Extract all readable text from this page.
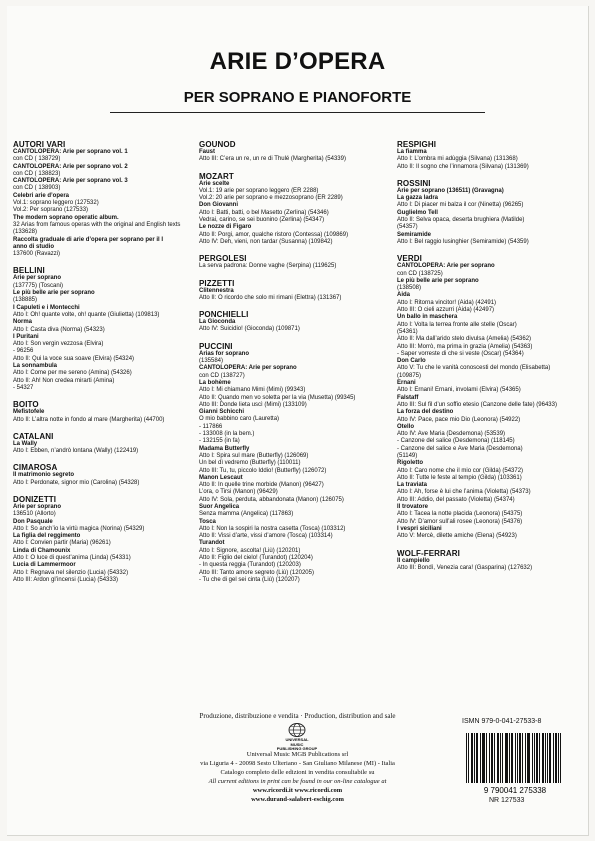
ARIE D’OPERA
PER SOPRANO E PIANOFORTE
AUTORI VARI
CANTOLOPERA: Arie per soprano vol. 1
con CD ( 138729)
CANTOLOPERA: Arie per soprano vol. 2
con CD ( 138823)
CANTOLOPERA: Arie per soprano vol. 3
con CD ( 138903)
Celebri arie d’opera
Vol.1: soprano leggero (127532)
Vol.2: Per soprano (127533)
The modern soprano operatic album.
32 Arias from famous operas with the original and English texts
(133628)
Raccolta graduale di arie d’opera per soprano per il I
anno di studio
137600 (Ravazzi)
BELLINI
Arie per soprano
(137775) (Toscani)
Le più belle arie per soprano
(138885)
I Capuleti e i Montecchi
Atto I: Oh! quante volte, oh! quante (Giulietta) (109813)
Norma
Atto I: Casta diva (Norma) (54323)
I Puritani
Atto I: Son vergin vezzosa (Elvira)
- 96256
Atto II: Qui la voce sua soave (Elvira) (54324)
La sonnambula
Atto I: Come per me sereno (Amina) (54326)
Atto II: Ah! Non credea mirarti (Amina)
- 54327
BOITO
Mefistofele
Atto II: L’altra notte in fondo al mare (Margherita) (44700)
CATALANI
La Wally
Atto I: Ebben, n’andrò lontana (Wally) (122419)
CIMAROSA
Il matrimonio segreto
Atto I: Perdonate, signor mio (Carolina) (54328)
DONIZETTI
Arie per soprano
136510 (Allorto)
Don Pasquale
Atto I: So anch’io la virtù magica (Norina) (54329)
La figlia del reggimento
Atto I: Convien partir (Maria) (96261)
Linda di Chamounix
Atto I: O luce di quest’anima (Linda) (54331)
Lucia di Lammermoor
Atto I: Regnava nel silenzio (Lucia) (54332)
Atto III: Ardon gl’incensi (Lucia) (54333)
GOUNOD
Faust
Atto III: C’era un re, un re di Thulé (Margherita) (54339)
MOZART
Arie scelte
Vol.1: 19 arie per soprano leggero (ER 2288)
Vol.2: 20 arie per soprano e mezzosoprano (ER 2289)
Don Giovanni
Atto I: Batti, batti, o bel Masetto (Zerlina) (54346)
Vedrai, carino, se sei buonino (Zerlina) (54347)
Le nozze di Figaro
Atto II: Porgi, amor, qualche ristoro (Contessa) (109869)
Atto IV: Deh, vieni, non tardar (Susanna) (109842)
PERGOLESI
La serva padrona: Donne vaghe (Serpina) (119625)
PIZZETTI
Clitennestra
Atto II: O ricordo che solo mi rimani (Elettra) (131367)
PONCHIELLI
La Gioconda
Atto IV: Suicidio! (Gioconda) (109871)
PUCCINI
Arias for soprano
(135584)
CANTOLOPERA: Arie per soprano
con CD (138727)
La bohème
Atto I: Mi chiamano Mimi (Mimi) (99343)
Atto II: Quando men vo soletta per la via (Musetta) (99345)
Atto III: Donde lieta uscì (Mimi) (133109)
Gianni Schicchi
O mio babbino caro (Lauretta)
- 117866
- 133008 (in la bem.)
- 132155 (in fa)
Madama Butterfly
Atto I: Spira sul mare (Butterfly) (126069)
Un bel dì vedremo (Butterfly) (110011)
Atto III: Tu, tu, piccolo Iddio! (Butterfly) (126072)
Manon Lescaut
Atto II: In quelle trine morbide (Manon) (96427)
L’ora, o Tirsi (Manon) (96429)
Atto IV: Sola, perduta, abbandonata (Manon) (126075)
Suor Angelica
Senza mamma (Angelica) (117863)
Tosca
Atto I: Non la sospiri la nostra casetta (Tosca) (103312)
Atto II: Vissi d’arte, vissi d’amore (Tosca) (103314)
Turandot
Atto I: Signore, ascolta! (Liù) (120201)
Atto II: Figlio del cielo! (Turandot) (120204)
- In questa reggia (Turandot) (120203)
Atto III: Tanto amore segreto (Liù) (120205)
- Tu che di gel sei cinta (Liù) (120207)
RESPIGHI
La fiamma
Atto I: L’ombra mi adùggia (Silvana) (131368)
Atto II: Il sogno che l’innamora (Silvana) (131369)
ROSSINI
Arie per soprano (136511) (Gravagna)
La gazza ladra
Atto I: Di piacer mi balza il cor (Ninetta) (96265)
Guglielmo Tell
Atto II: Selva opaca, deserta brughiera (Matilde)
(54357)
Semiramide
Atto I: Bel raggio lusinghier (Semiramide) (54359)
VERDI
CANTOLOPERA: Arie per soprano
con CD (138725)
Le più belle arie per soprano
(138508)
Aida
Atto I: Ritorna vincitor! (Aida) (42491)
Atto III: O cieli azzurri (Aida) (42497)
Un ballo in maschera
Atto I: Volta la terrea fronte alle stelle (Oscar)
(54361)
Atto II: Ma dall’arido stelo divulsa (Amelia) (54362)
Atto III: Morrò, ma prima in grazia (Amelia) (54363)
- Saper vorreste di che si veste (Oscar) (54364)
Don Carlo
Atto V: Tu che le vanità conoscesti del mondo (Elisabetta)
(109875)
Ernani
Atto I: Ernani! Ernani, involami (Elvira) (54365)
Falstaff
Atto III: Sul fil d’un soffio etesio (Canzone delle fate) (96433)
La forza del destino
Atto IV: Pace, pace mio Dio (Leonora) (54922)
Otello
Atto IV: Ave Maria (Desdemona) (53539)
- Canzone del salice (Desdemona) (118145)
- Canzone del salice e Ave Maria (Desdemona)
(51149)
Rigoletto
Atto I: Caro nome che il mio cor (Gilda) (54372)
Atto II: Tutte le feste al tempio (Gilda) (103361)
La traviata
Atto I: Ah, forse è lui che l’anima (Violetta) (54373)
Atto III: Addio, del passato (Violetta) (54374)
Il trovatore
Atto I: Tacea la notte placida (Leonora) (54375)
Atto IV: D’amor sull’ali rosee (Leonora) (54376)
I vespri siciliani
Atto V: Mercè, dilette amiche (Elena) (54923)
WOLF-FERRARI
Il campiello
Atto III: Bondì, Venezia cara! (Gasparina) (127632)
Produzione, distribuzione e vendita · Production, distribution and sale
UNIVERSAL
MUSIC
PUBLISHING GROUP
Universal Music MGB Publications srl
via Liguria 4 - 20098 Sesto Ulteriano - San Giuliano Milanese (MI) - Italia
Catalogo completo delle edizioni in vendita consultabile su
All current editions in print can be found in our on-line catalogue at
www.ricordi.it www.ricordi.com
www.durand-salabert-eschig.com
ISMN 979-0-041-27533-8
9 790041 275338
NR 127533
